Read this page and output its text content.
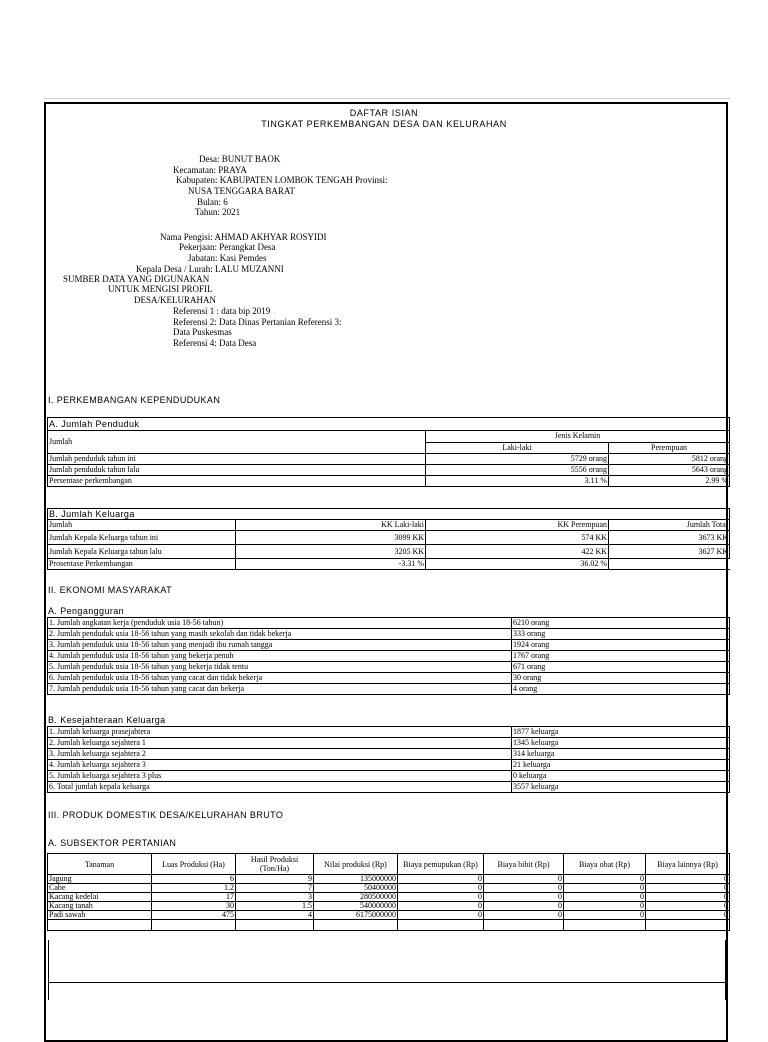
DAFTAR ISIAN
TINGKAT PERKEMBANGAN DESA DAN KELURAHAN
Desa: BUNUT BAOK
Kecamatan: PRAYA
Kabupaten: KABUPATEN LOMBOK TENGAH Provinsi:
NUSA TENGGARA BARAT
Bulan: 6
Tahun: 2021
Nama Pengisi: AHMAD AKHYAR ROSYIDI
Pekerjaan: Perangkat Desa
Jabatan: Kasi Pemdes
Kepala Desa / Lurah: LALU MUZANNI
SUMBER DATA YANG DIGUNAKAN
UNTUK MENGISI PROFIL
DESA/KELURAHAN
Referensi 1 : data bip 2019
Referensi 2: Data Dinas Pertanian Referensi 3:
Data Puskesmas
Referensi 4: Data Desa
I. PERKEMBANGAN KEPENDUDUKAN
A. Jumlah Penduduk		
Jumlah	Jenis Kelamin	
	Laki-laki	Perempuan
Jumlah penduduk tahun ini	5729 orang	5812 orang
Jumlah penduduk tahun lalu	5556 orang	5643 orang
Persentase perkembangan	3.11 %	2.99 %
B. Jumlah Keluarga			
Jumlah	KK Laki-laki	KK Perempuan	Jumlah Total
Jumlah Kepala Keluarga tahun ini	3099 KK	574 KK	3673 KK
Jumlah Kepala Keluarga tahun lalu	3205 KK	422 KK	3627 KK
Prosentase Perkembangan	-3.31 %	36.02 %	
II. EKONOMI MASYARAKAT
A. Pengangguran
1. Jumlah angkatan kerja (penduduk usia 18-56 tahun)	6210 orang
2. Jumlah penduduk usia 18-56 tahun yang masih sekolah dan tidak bekerja	333 orang
3. Jumlah penduduk usia 18-56 tahun yang menjadi ibu rumah tangga	1924 orang
4. Jumlah penduduk usia 18-56 tahun yang bekerja penuh	1767 orang
5. Jumlah penduduk usia 18-56 tahun yang bekerja tidak tentu	671 orang
6. Jumlah penduduk usia 18-56 tahun yang cacat dan tidak bekerja	30 orang
7. Jumlah penduduk usia 18-56 tahun yang cacat dan bekerja	4 orang
B. Kesejahteraan Keluarga
1. Jumlah keluarga prasejahtera	1877 keluarga
2. Jumlah keluarga sejahtera 1	1345 keluarga
3. Jumlah keluarga sejahtera 2	314 keluarga
4. Jumlah keluarga sejahtera 3	21 keluarga
5. Jumlah keluarga sejahtera 3 plus	0 keluarga
6. Total jumlah kepala keluarga	3557 keluarga
III. PRODUK DOMESTIK DESA/KELURAHAN BRUTO
A. SUBSEKTOR PERTANIAN
Tanaman	Luas Produksi (Ha)	Hasil Produksi (Ton/Ha)	Nilai produksi (Rp)	Biaya pemupukan (Rp)	Biaya bibit (Rp)	Biaya obat (Rp)	Biaya lainnya (Rp)
Jagung	6	9	135000000	0	0	0	0
Cabe	1.2	7	50400000	0	0	0	0
Kacang kedelai	17	3	280500000	0	0	0	0
Kacang tanah	30	1.5	540000000	0	0	0	0
Padi sawah	475	4	6175000000	0	0	0	0
